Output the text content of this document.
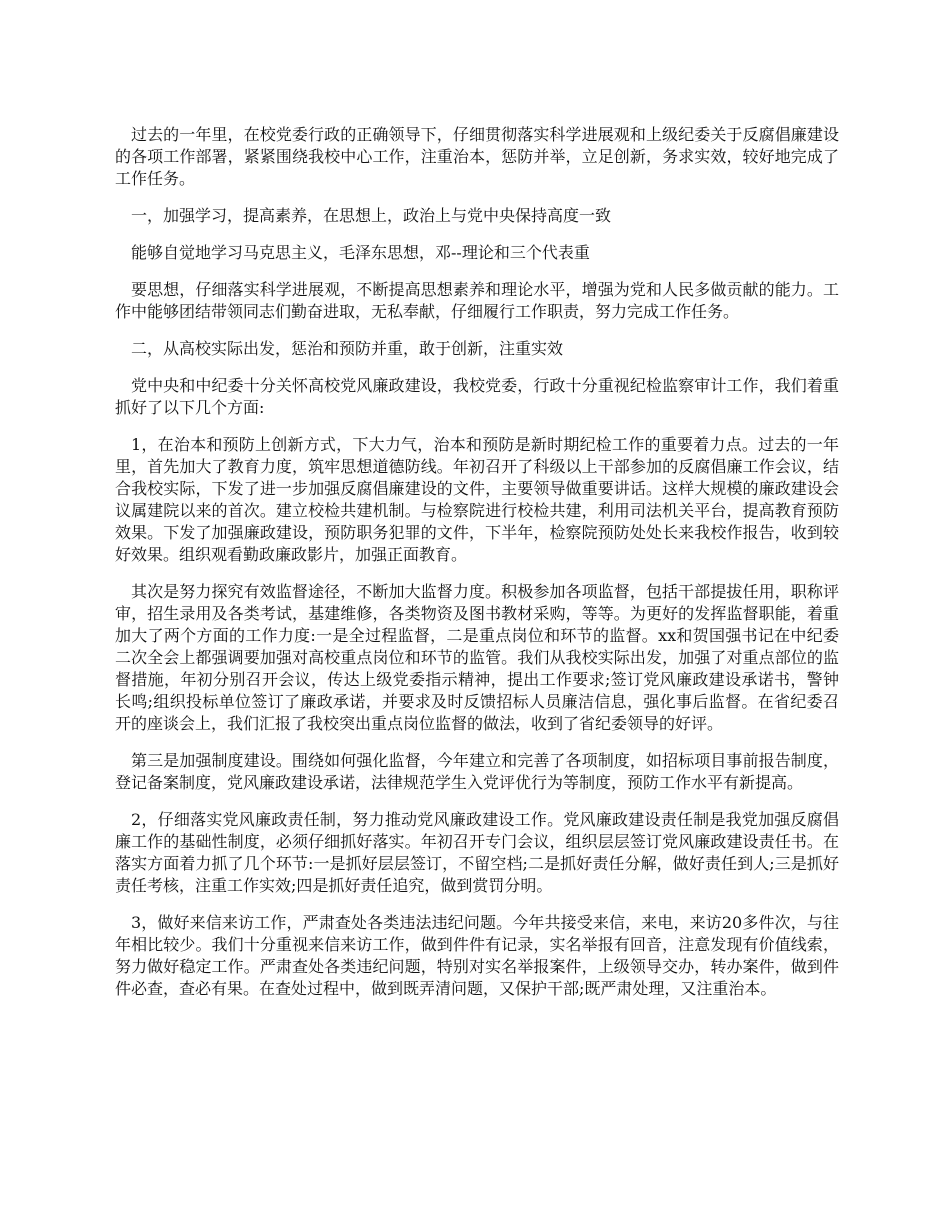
过去的一年里，在校党委行政的正确领导下，仔细贯彻落实科学进展观和上级纪委关于反腐倡廉建设的各项工作部署，紧紧围绕我校中心工作，注重治本，惩防并举，立足创新，务求实效，较好地完成了工作任务。

一，加强学习，提高素养，在思想上，政治上与党中央保持高度一致

能够自觉地学习马克思主义，毛泽东思想，邓--理论和三个代表重

要思想，仔细落实科学进展观，不断提高思想素养和理论水平，增强为党和人民多做贡献的能力。工作中能够团结带领同志们勤奋进取，无私奉献，仔细履行工作职责，努力完成工作任务。

二，从高校实际出发，惩治和预防并重，敢于创新，注重实效

党中央和中纪委十分关怀高校党风廉政建设，我校党委，行政十分重视纪检监察审计工作，我们着重抓好了以下几个方面:

1，在治本和预防上创新方式，下大力气，治本和预防是新时期纪检工作的重要着力点。过去的一年里，首先加大了教育力度，筑牢思想道德防线。年初召开了科级以上干部参加的反腐倡廉工作会议，结合我校实际，下发了进一步加强反腐倡廉建设的文件，主要领导做重要讲话。这样大规模的廉政建设会议属建院以来的首次。建立校检共建机制。与检察院进行校检共建，利用司法机关平台，提高教育预防效果。下发了加强廉政建设，预防职务犯罪的文件，下半年，检察院预防处处长来我校作报告，收到较好效果。组织观看勤政廉政影片，加强正面教育。

其次是努力探究有效监督途径，不断加大监督力度。积极参加各项监督，包括干部提拔任用，职称评审，招生录用及各类考试，基建维修，各类物资及图书教材采购，等等。为更好的发挥监督职能，着重加大了两个方面的工作力度:一是全过程监督，二是重点岗位和环节的监督。xx和贺国强书记在中纪委二次全会上都强调要加强对高校重点岗位和环节的监管。我们从我校实际出发，加强了对重点部位的监督措施，年初分别召开会议，传达上级党委指示精神，提出工作要求;签订党风廉政建设承诺书，警钟长鸣;组织投标单位签订了廉政承诺，并要求及时反馈招标人员廉洁信息，强化事后监督。在省纪委召开的座谈会上，我们汇报了我校突出重点岗位监督的做法，收到了省纪委领导的好评。

第三是加强制度建设。围绕如何强化监督，今年建立和完善了各项制度，如招标项目事前报告制度，登记备案制度，党风廉政建设承诺，法律规范学生入党评优行为等制度，预防工作水平有新提高。

2，仔细落实党风廉政责任制，努力推动党风廉政建设工作。党风廉政建设责任制是我党加强反腐倡廉工作的基础性制度，必须仔细抓好落实。年初召开专门会议，组织层层签订党风廉政建设责任书。在落实方面着力抓了几个环节:一是抓好层层签订，不留空档;二是抓好责任分解，做好责任到人;三是抓好责任考核，注重工作实效;四是抓好责任追究，做到赏罚分明。

3，做好来信来访工作，严肃查处各类违法违纪问题。今年共接受来信，来电，来访20多件次，与往年相比较少。我们十分重视来信来访工作，做到件件有记录，实名举报有回音，注意发现有价值线索，努力做好稳定工作。严肃查处各类违纪问题，特别对实名举报案件，上级领导交办，转办案件，做到件件必查，查必有果。在查处过程中，做到既弄清问题，又保护干部;既严肃处理，又注重治本。
